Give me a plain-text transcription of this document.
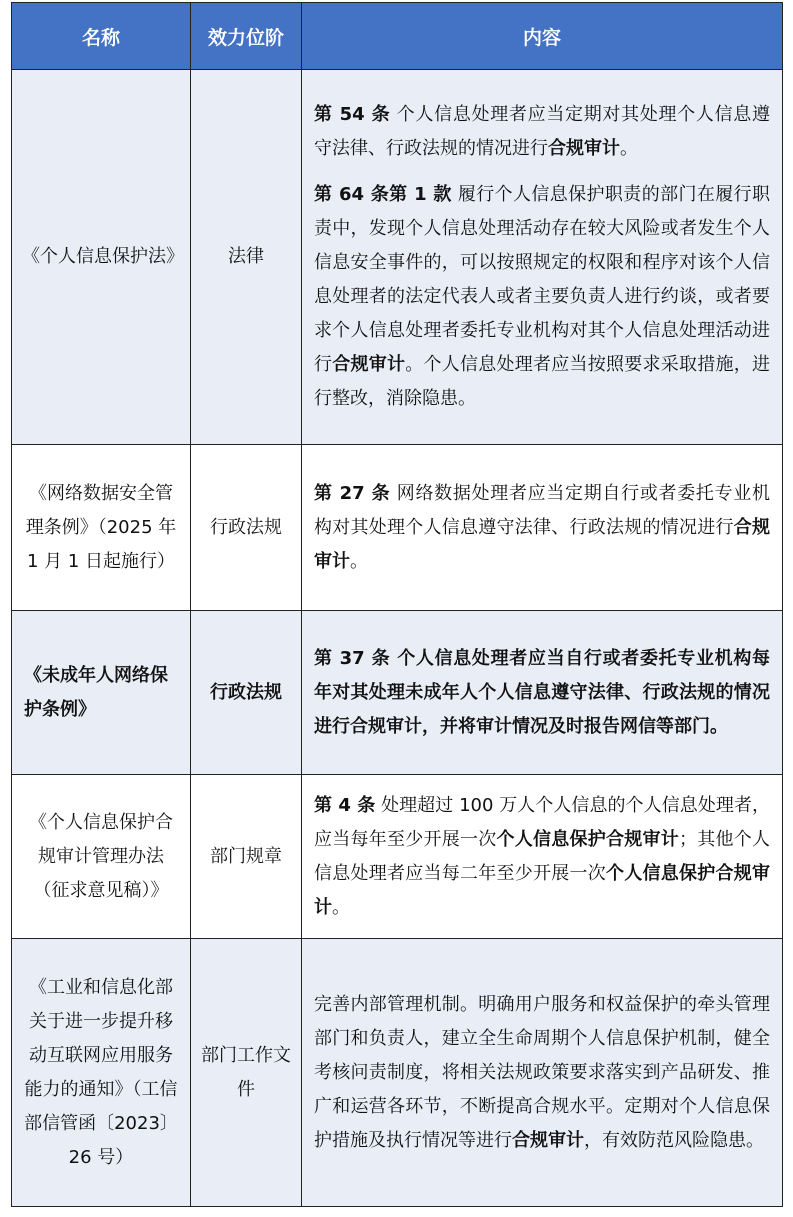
名称	效力位阶	内容
《个人信息保护法》	法律	第 54 条 个人信息处理者应当定期对其处理个人信息遵守法律、行政法规的情况进行合规审计。

第 64 条第 1 款 履行个人信息保护职责的部门在履行职责中，发现个人信息处理活动存在较大风险或者发生个人信息安全事件的，可以按照规定的权限和程序对该个人信息处理者的法定代表人或者主要负责人进行约谈，或者要求个人信息处理者委托专业机构对其个人信息处理活动进行合规审计。个人信息处理者应当按照要求采取措施，进行整改，消除隐患。

《网络数据安全管理条例》（2025 年 1 月 1 日起施行）	行政法规	第 27 条 网络数据处理者应当定期自行或者委托专业机构对其处理个人信息遵守法律、行政法规的情况进行合规审计。

《未成年人网络保护条例》	行政法规	第 37 条 个人信息处理者应当自行或者委托专业机构每年对其处理未成年人个人信息遵守法律、行政法规的情况进行合规审计，并将审计情况及时报告网信等部门。

《个人信息保护合规审计管理办法（征求意见稿）》	部门规章	第 4 条 处理超过 100 万人个人信息的个人信息处理者，应当每年至少开展一次个人信息保护合规审计；其他个人信息处理者应当每二年至少开展一次个人信息保护合规审计。

《工业和信息化部关于进一步提升移动互联网应用服务能力的通知》（工信部信管函〔2023〕26 号）	部门工作文件	完善内部管理机制。明确用户服务和权益保护的牵头管理部门和负责人，建立全生命周期个人信息保护机制，健全考核问责制度，将相关法规政策要求落实到产品研发、推广和运营各环节，不断提高合规水平。定期对个人信息保护措施及执行情况等进行合规审计，有效防范风险隐患。
